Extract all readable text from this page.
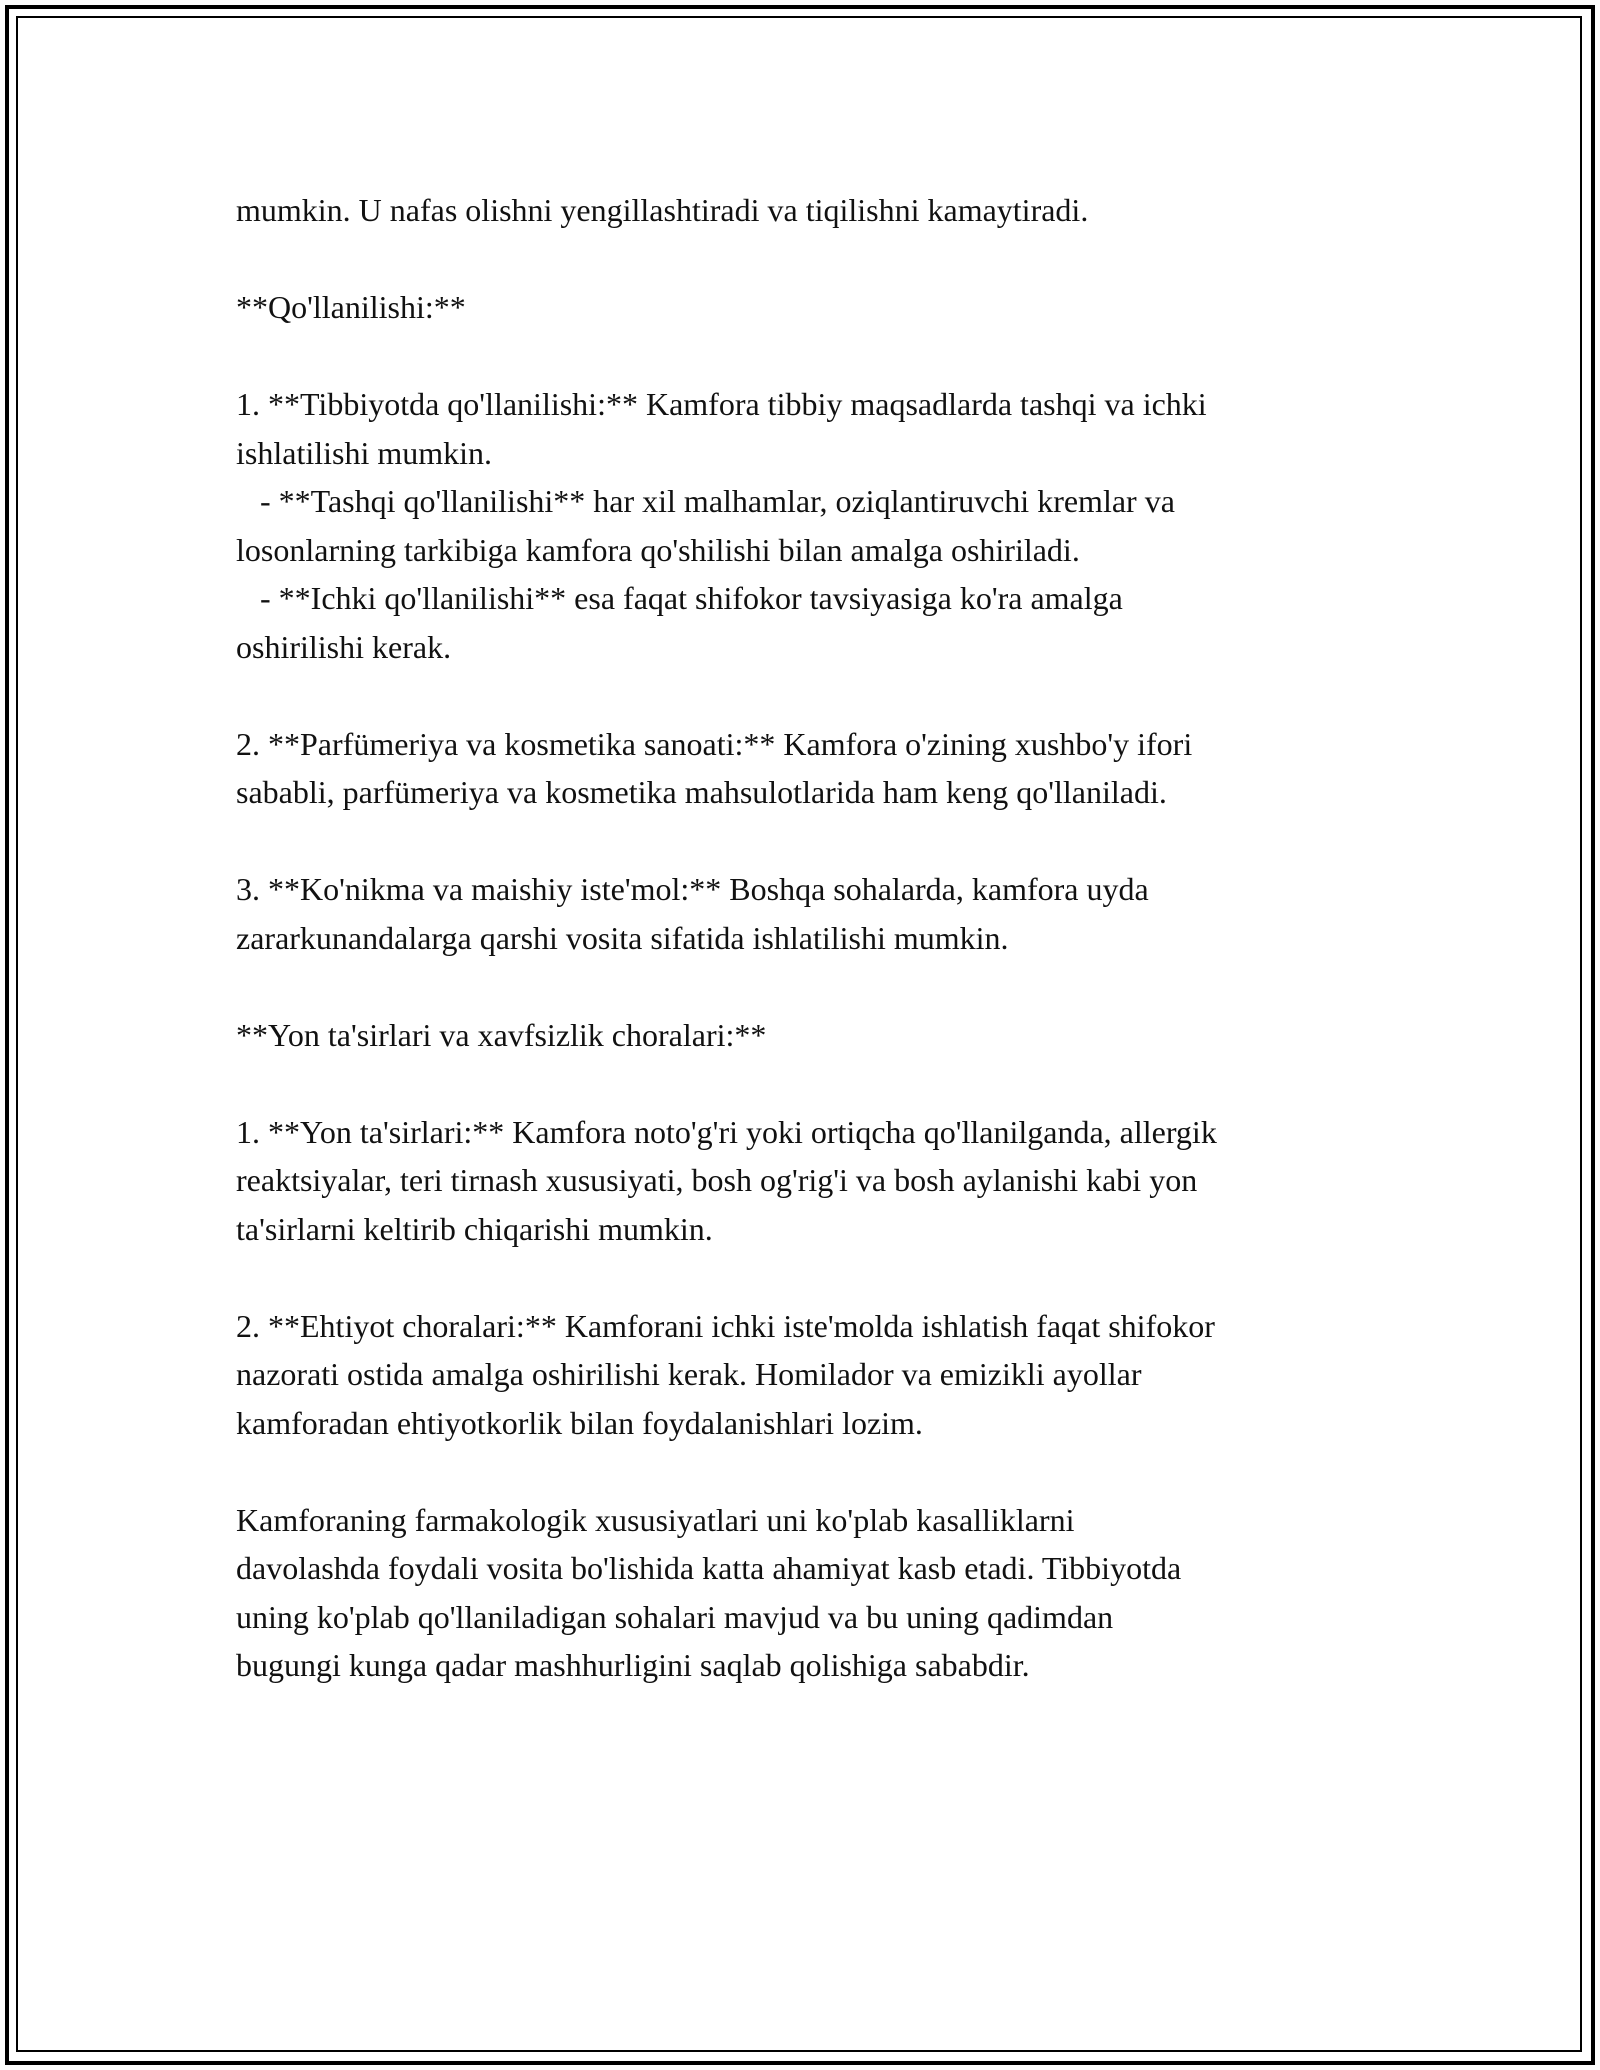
mumkin. U nafas olishni yengillashtiradi va tiqilishni kamaytiradi.
**Qo'llanilishi:**
1. **Tibbiyotda qo'llanilishi:** Kamfora tibbiy maqsadlarda tashqi va ichki
ishlatilishi mumkin.
- **Tashqi qo'llanilishi** har xil malhamlar, oziqlantiruvchi kremlar va
losonlarning tarkibiga kamfora qo'shilishi bilan amalga oshiriladi.
- **Ichki qo'llanilishi** esa faqat shifokor tavsiyasiga ko'ra amalga
oshirilishi kerak.
2. **Parfümeriya va kosmetika sanoati:** Kamfora o'zining xushbo'y ifori
sababli, parfümeriya va kosmetika mahsulotlarida ham keng qo'llaniladi.
3. **Ko'nikma va maishiy iste'mol:** Boshqa sohalarda, kamfora uyda
zararkunandalarga qarshi vosita sifatida ishlatilishi mumkin.
**Yon ta'sirlari va xavfsizlik choralari:**
1. **Yon ta'sirlari:** Kamfora noto'g'ri yoki ortiqcha qo'llanilganda, allergik
reaktsiyalar, teri tirnash xususiyati, bosh og'rig'i va bosh aylanishi kabi yon
ta'sirlarni keltirib chiqarishi mumkin.
2. **Ehtiyot choralari:** Kamforani ichki iste'molda ishlatish faqat shifokor
nazorati ostida amalga oshirilishi kerak. Homilador va emizikli ayollar
kamforadan ehtiyotkorlik bilan foydalanishlari lozim.
Kamforaning farmakologik xususiyatlari uni ko'plab kasalliklarni
davolashda foydali vosita bo'lishida katta ahamiyat kasb etadi. Tibbiyotda
uning ko'plab qo'llaniladigan sohalari mavjud va bu uning qadimdan
bugungi kunga qadar mashhurligini saqlab qolishiga sababdir.
